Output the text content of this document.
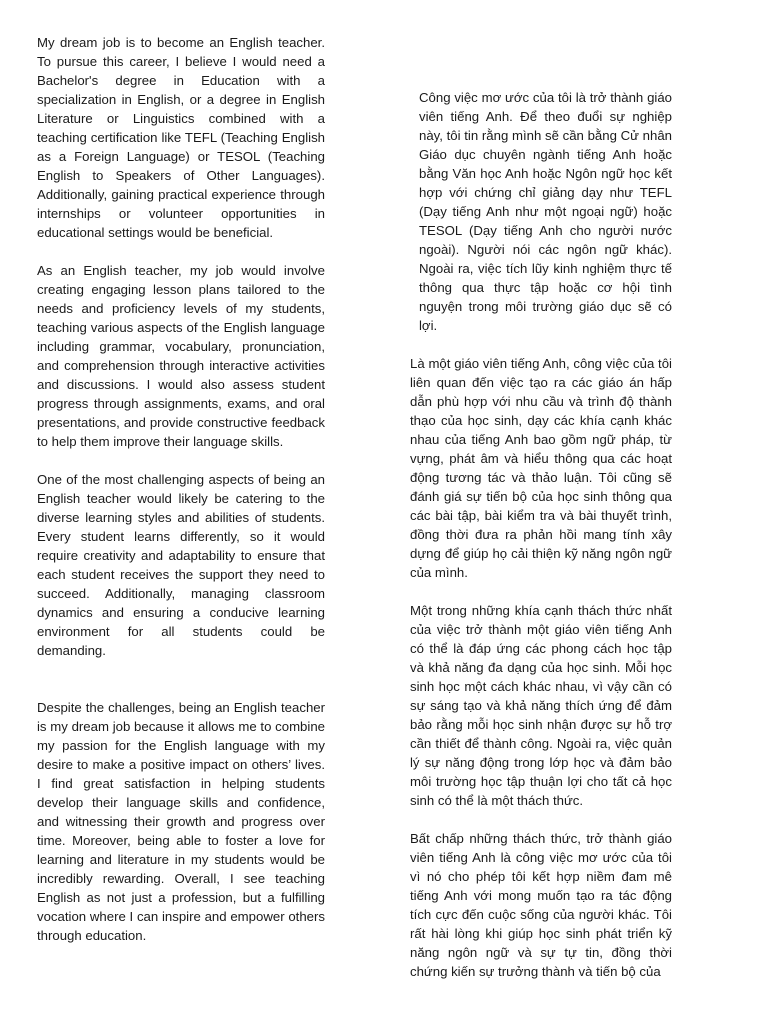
My dream job is to become an English teacher. To pursue this career, I believe I would need a Bachelor's degree in Education with a specialization in English, or a degree in English Literature or Linguistics combined with a teaching certification like TEFL (Teaching English as a Foreign Language) or TESOL (Teaching English to Speakers of Other Languages). Additionally, gaining practical experience through internships or volunteer opportunities in educational settings would be beneficial.

As an English teacher, my job would involve creating engaging lesson plans tailored to the needs and proficiency levels of my students, teaching various aspects of the English language including grammar, vocabulary, pronunciation, and comprehension through interactive activities and discussions. I would also assess student progress through assignments, exams, and oral presentations, and provide constructive feedback to help them improve their language skills.

One of the most challenging aspects of being an English teacher would likely be catering to the diverse learning styles and abilities of students. Every student learns differently, so it would require creativity and adaptability to ensure that each student receives the support they need to succeed. Additionally, managing classroom dynamics and ensuring a conducive learning environment for all students could be demanding.

Despite the challenges, being an English teacher is my dream job because it allows me to combine my passion for the English language with my desire to make a positive impact on others’ lives. I find great satisfaction in helping students develop their language skills and confidence, and witnessing their growth and progress over time. Moreover, being able to foster a love for learning and literature in my students would be incredibly rewarding. Overall, I see teaching English as not just a profession, but a fulfilling vocation where I can inspire and empower others through education.

Công việc mơ ước của tôi là trở thành giáo viên tiếng Anh. Để theo đuổi sự nghiệp này, tôi tin rằng mình sẽ cần bằng Cử nhân Giáo dục chuyên ngành tiếng Anh hoặc bằng Văn học Anh hoặc Ngôn ngữ học kết hợp với chứng chỉ giảng dạy như TEFL (Dạy tiếng Anh như một ngoại ngữ) hoặc TESOL (Dạy tiếng Anh cho người nước ngoài). Người nói các ngôn ngữ khác). Ngoài ra, việc tích lũy kinh nghiệm thực tế thông qua thực tập hoặc cơ hội tình nguyện trong môi trường giáo dục sẽ có lợi.

Là một giáo viên tiếng Anh, công việc của tôi liên quan đến việc tạo ra các giáo án hấp dẫn phù hợp với nhu cầu và trình độ thành thạo của học sinh, dạy các khía cạnh khác nhau của tiếng Anh bao gồm ngữ pháp, từ vựng, phát âm và hiểu thông qua các hoạt động tương tác và thảo luận. Tôi cũng sẽ đánh giá sự tiến bộ của học sinh thông qua các bài tập, bài kiểm tra và bài thuyết trình, đồng thời đưa ra phản hồi mang tính xây dựng để giúp họ cải thiện kỹ năng ngôn ngữ của mình.

Một trong những khía cạnh thách thức nhất của việc trở thành một giáo viên tiếng Anh có thể là đáp ứng các phong cách học tập và khả năng đa dạng của học sinh. Mỗi học sinh học một cách khác nhau, vì vậy cần có sự sáng tạo và khả năng thích ứng để đảm bảo rằng mỗi học sinh nhận được sự hỗ trợ cần thiết để thành công. Ngoài ra, việc quản lý sự năng động trong lớp học và đảm bảo môi trường học tập thuận lợi cho tất cả học sinh có thể là một thách thức.

Bất chấp những thách thức, trở thành giáo viên tiếng Anh là công việc mơ ước của tôi vì nó cho phép tôi kết hợp niềm đam mê tiếng Anh với mong muốn tạo ra tác động tích cực đến cuộc sống của người khác. Tôi rất hài lòng khi giúp học sinh phát triển kỹ năng ngôn ngữ và sự tự tin, đồng thời chứng kiến sự trưởng thành và tiến bộ của
